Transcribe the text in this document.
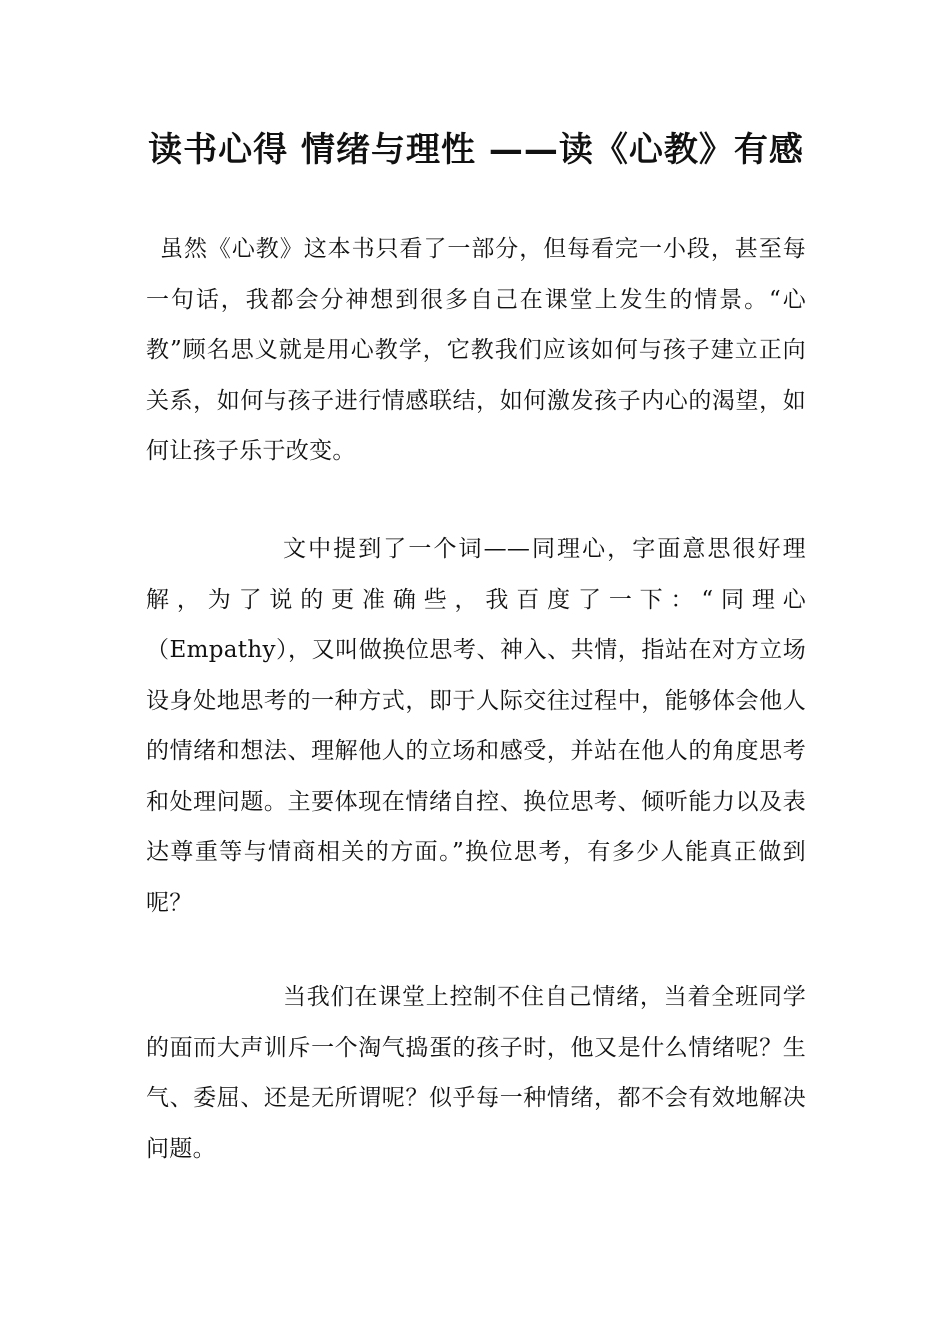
读书心得 情绪与理性 ——读《心教》有感

虽然《心教》这本书只看了一部分，但每看完一小段，甚至每一句话，我都会分神想到很多自己在课堂上发生的情景。“心教”顾名思义就是用心教学，它教我们应该如何与孩子建立正向关系，如何与孩子进行情感联结，如何激发孩子内心的渴望，如何让孩子乐于改变。

文中提到了一个词——同理心，字面意思很好理解，为了说的更准确些，我百度了一下：“同理心（Empathy），又叫做换位思考、神入、共情，指站在对方立场设身处地思考的一种方式，即于人际交往过程中，能够体会他人的情绪和想法、理解他人的立场和感受，并站在他人的角度思考和处理问题。主要体现在情绪自控、换位思考、倾听能力以及表达尊重等与情商相关的方面。”换位思考，有多少人能真正做到呢？

当我们在课堂上控制不住自己情绪，当着全班同学的面而大声训斥一个淘气捣蛋的孩子时，他又是什么情绪呢？生气、委屈、还是无所谓呢？似乎每一种情绪，都不会有效地解决问题。
